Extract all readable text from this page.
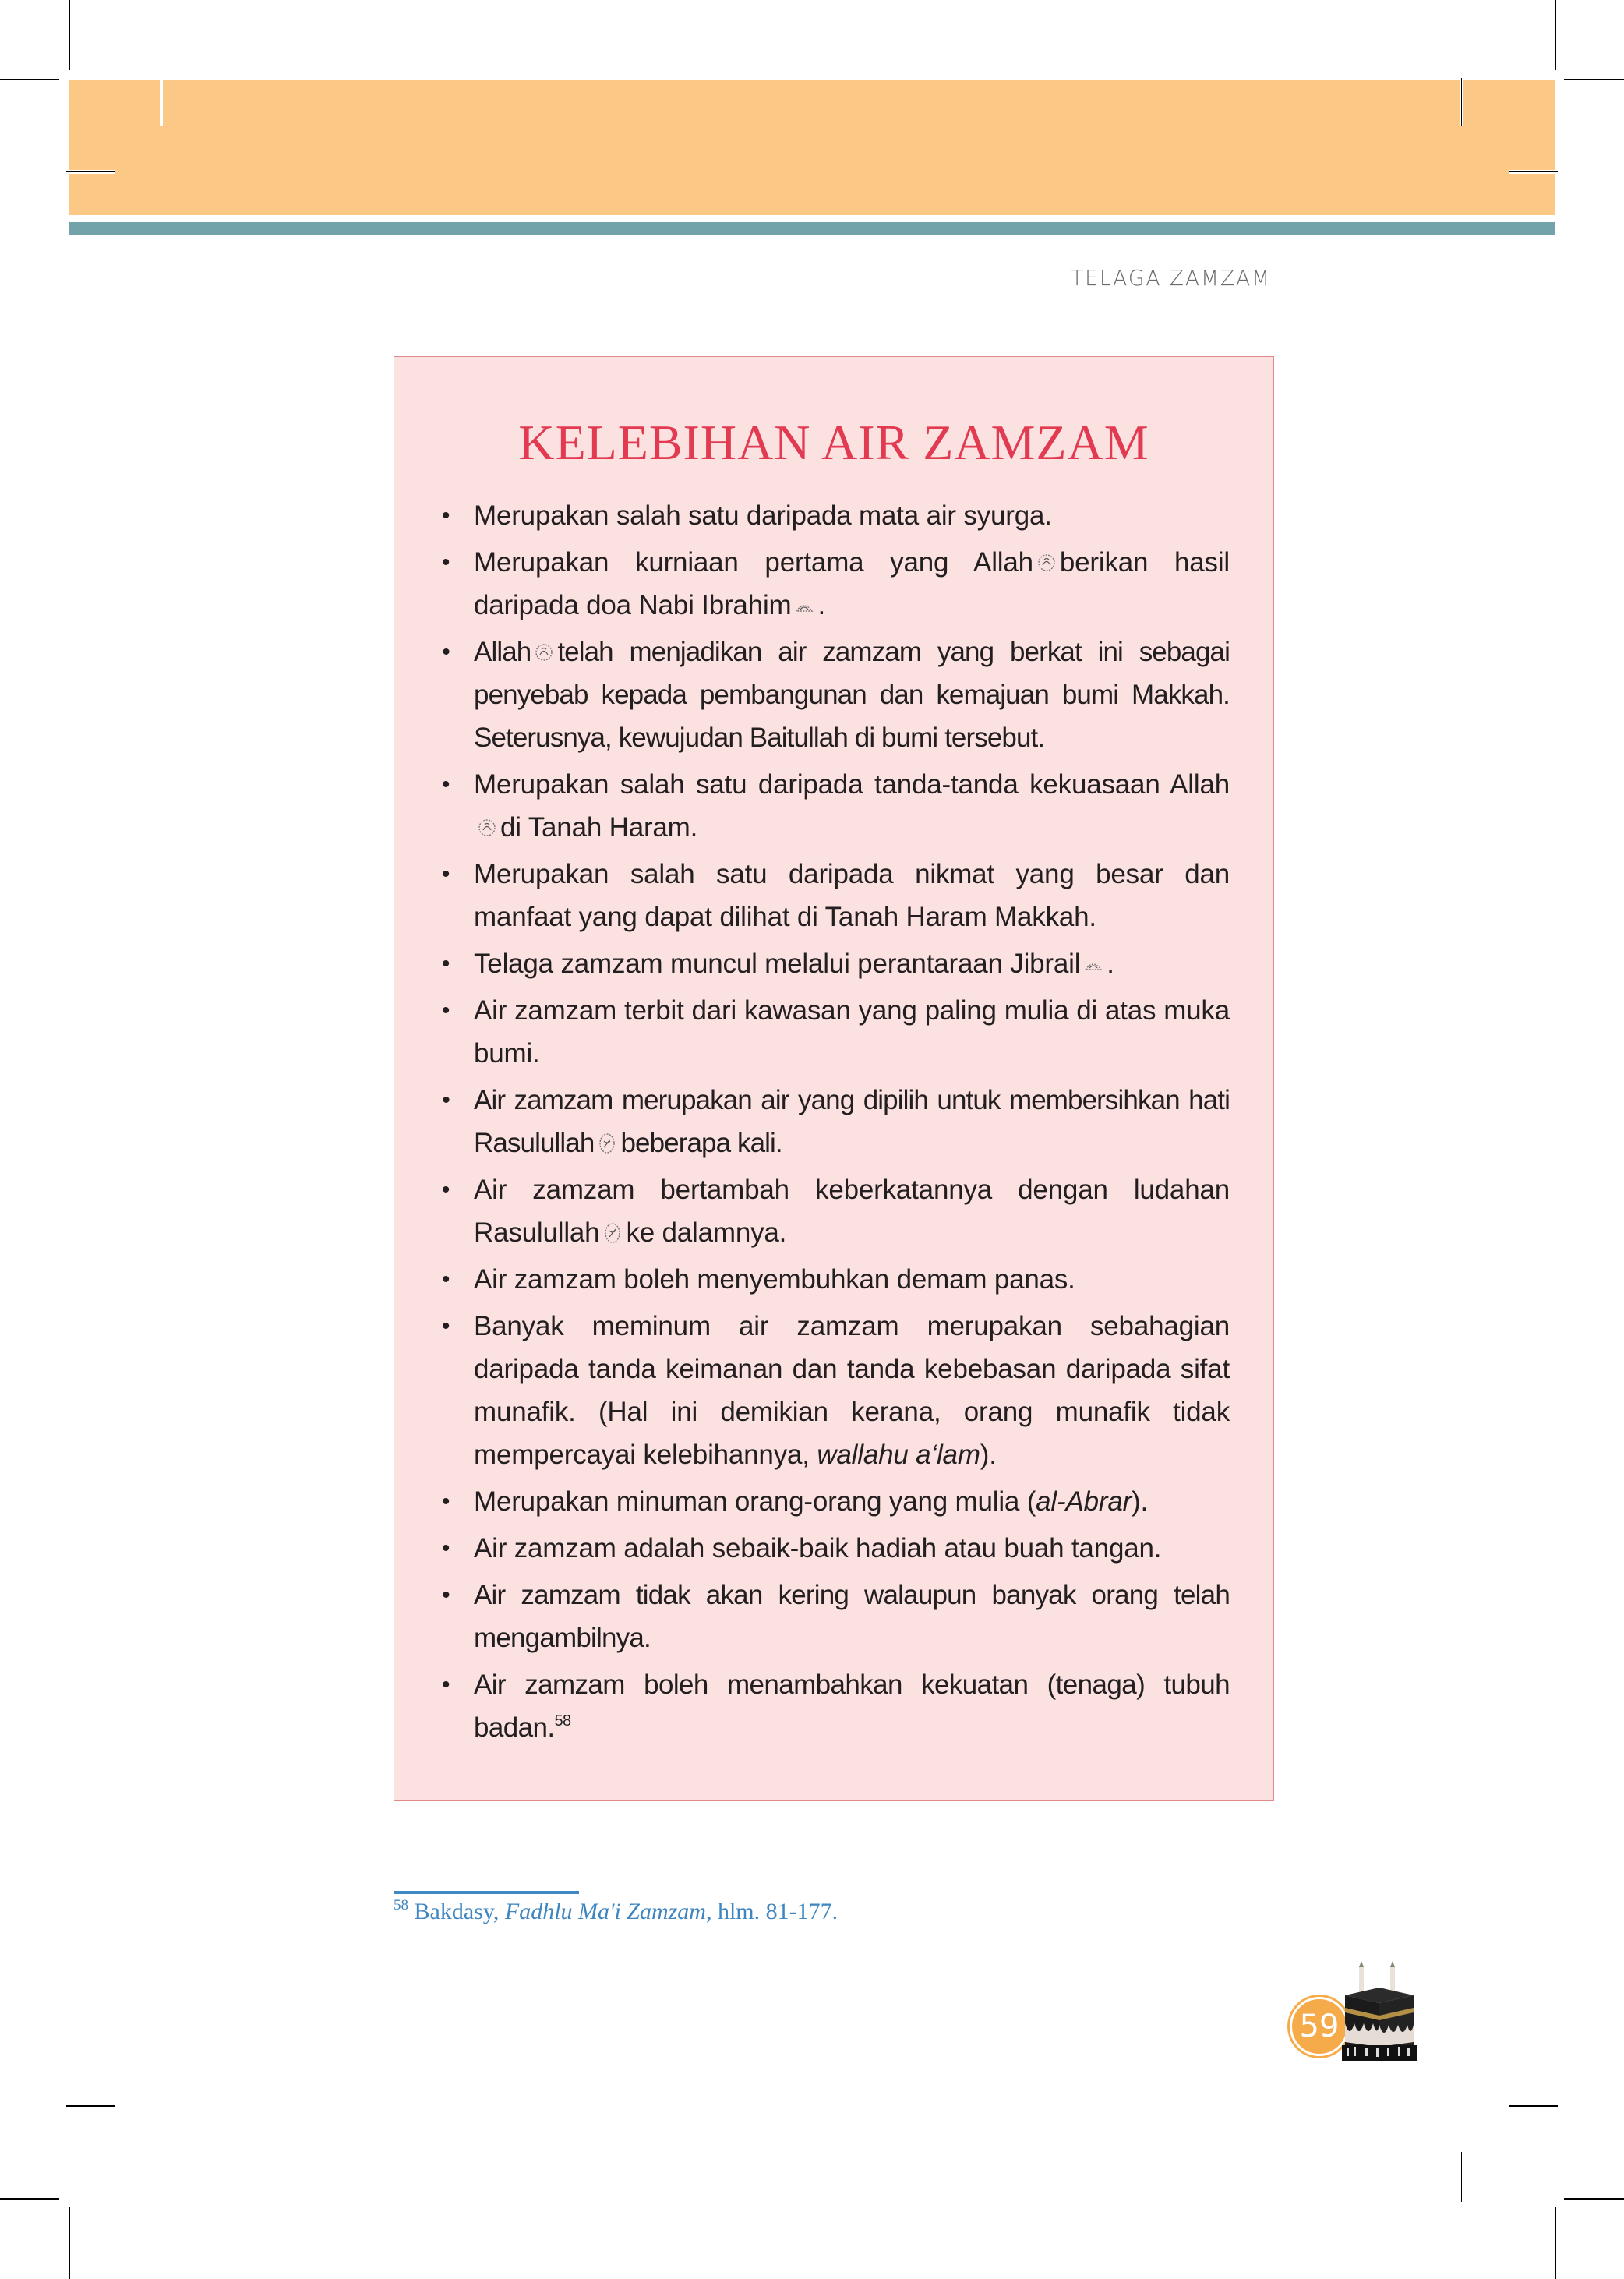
TELAGA ZAMZAM
KELEBIHAN AIR ZAMZAM
• Merupakan salah satu daripada mata air syurga.
• Merupakan kurniaan pertama yang Allah berikan hasil daripada doa Nabi Ibrahim .
• Allah telah menjadikan air zamzam yang berkat ini sebagai penyebab kepada pembangunan dan kemajuan bumi Makkah. Seterusnya, kewujudan Baitullah di bumi tersebut.
• Merupakan salah satu daripada tanda-tanda kekuasaan Allahdi Tanah Haram.
• Merupakan salah satu daripada nikmat yang besar dan manfaat yang dapat dilihat di Tanah Haram Makkah.
• Telaga zamzam muncul melalui perantaraan Jibrail .
• Air zamzam terbit dari kawasan yang paling mulia di atas muka bumi.
• Air zamzam merupakan air yang dipilih untuk membersihkan hati Rasulullah beberapa kali.
• Air zamzam bertambah keberkatannya dengan ludahan Rasulullah ke dalamnya.
• Air zamzam boleh menyembuhkan demam panas.
• Banyak meminum air zamzam merupakan sebahagian daripada tanda keimanan dan tanda kebebasan daripada sifat munafik. (Hal ini demikian kerana, orang munafik tidak mempercayai kelebihannya, wallahu a‘lam).
• Merupakan minuman orang-orang yang mulia (al-Abrar).
• Air zamzam adalah sebaik-baik hadiah atau buah tangan.
• Air zamzam tidak akan kering walaupun banyak orang telah mengambilnya.
• Air zamzam boleh menambahkan kekuatan (tenaga) tubuh badan.$^{58}$
$^{58}$ Bakdasy, Fadhlu Ma'i Zamzam, hlm. 81-177.
59
